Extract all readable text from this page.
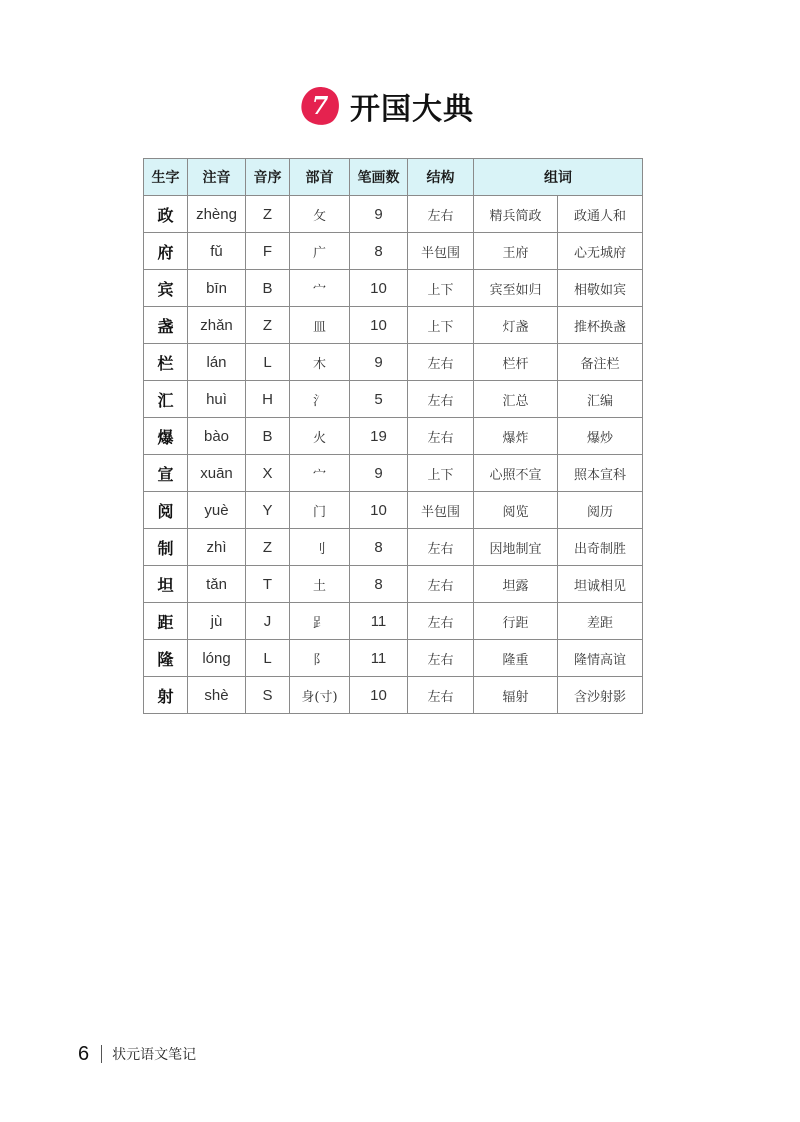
7 开国大典
生字	注音	音序	部首	笔画数	结构	组词	
政	zhèng	Z	攵	9	左右	精兵简政	政通人和
府	fǔ	F	广	8	半包围	王府	心无城府
宾	bīn	B	宀	10	上下	宾至如归	相敬如宾
盏	zhǎn	Z	皿	10	上下	灯盏	推杯换盏
栏	lán	L	木	9	左右	栏杆	备注栏
汇	huì	H	氵	5	左右	汇总	汇编
爆	bào	B	火	19	左右	爆炸	爆炒
宣	xuān	X	宀	9	上下	心照不宣	照本宣科
阅	yuè	Y	门	10	半包围	阅览	阅历
制	zhì	Z	刂	8	左右	因地制宜	出奇制胜
坦	tǎn	T	土	8	左右	坦露	坦诚相见
距	jù	J	𧾷	11	左右	行距	差距
隆	lóng	L	阝	11	左右	隆重	隆情高谊
射	shè	S	身(寸)	10	左右	辐射	含沙射影
6 状元语文笔记
